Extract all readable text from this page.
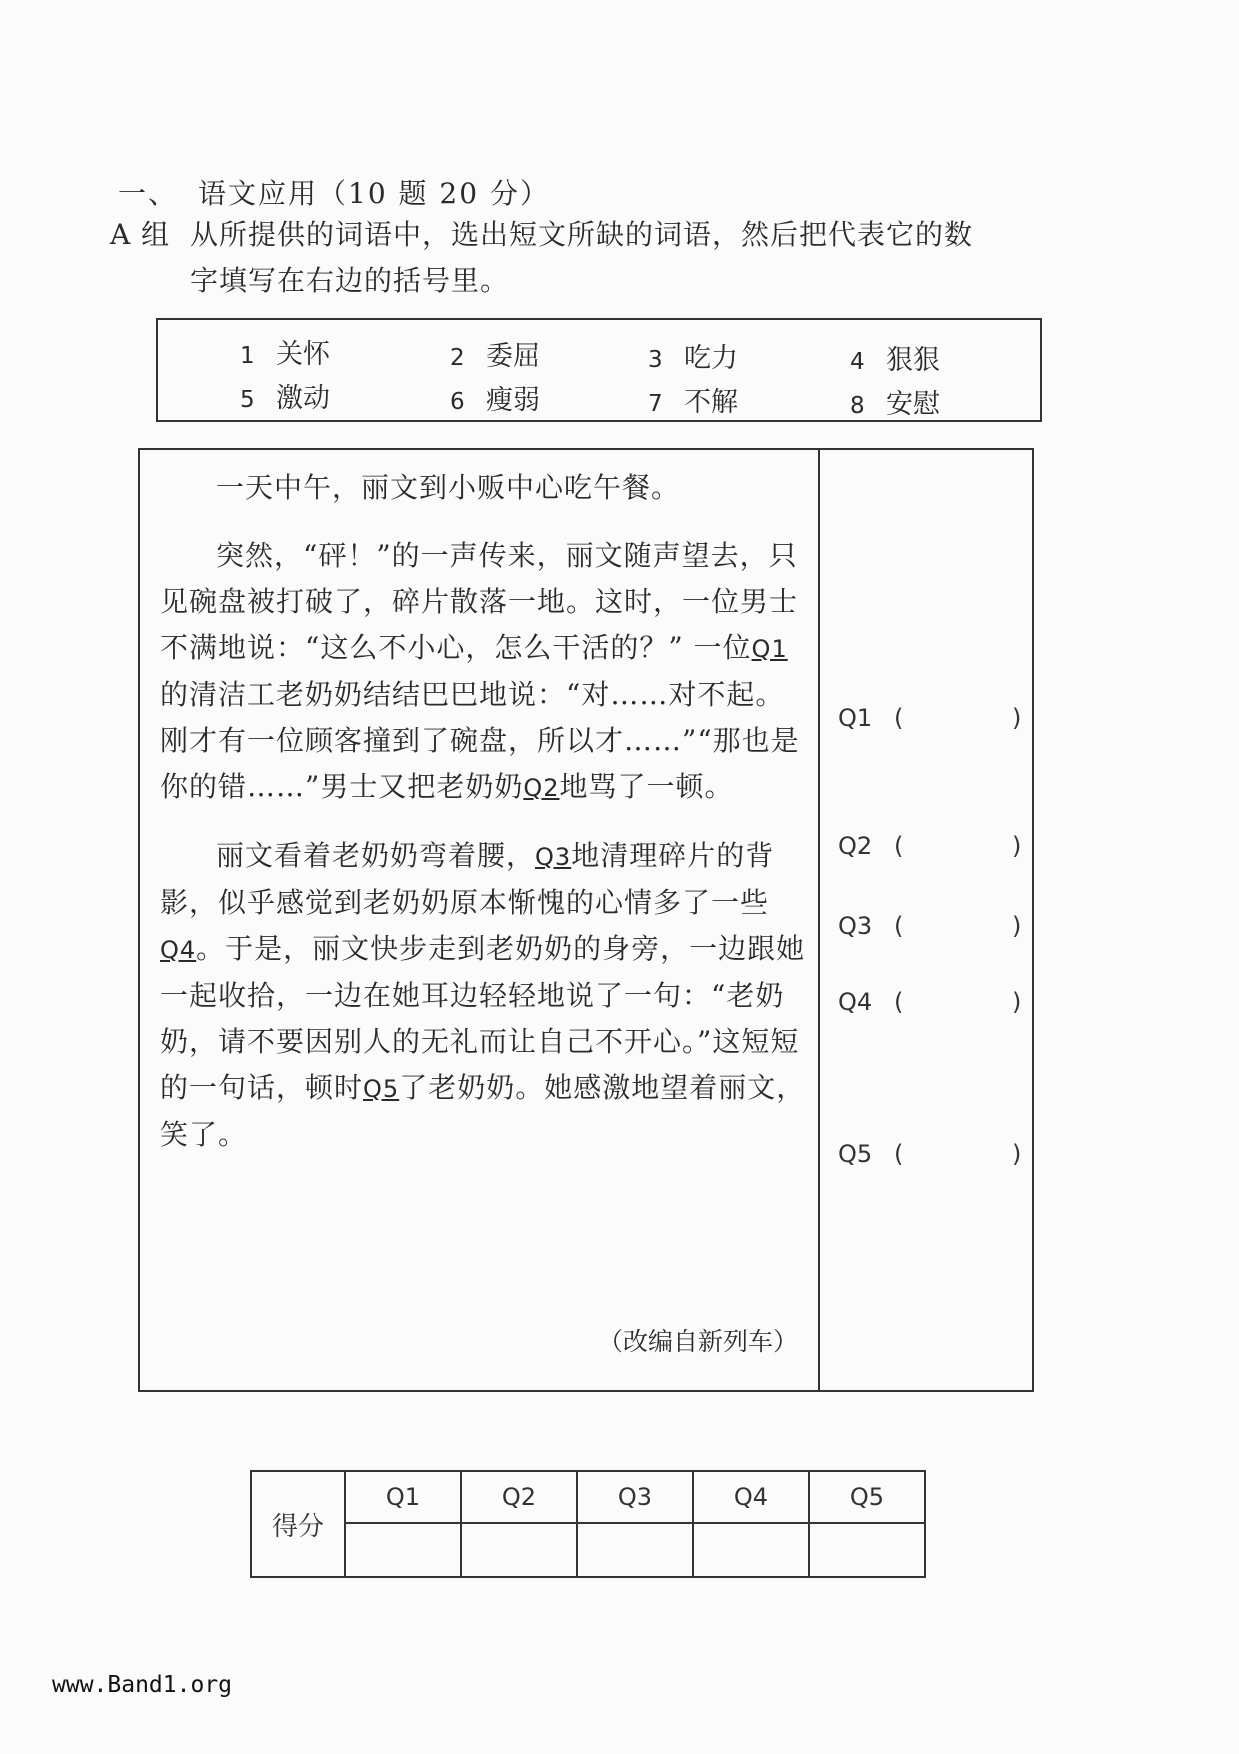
一、 语文应用（10 题 20 分）
A 组 从所提供的词语中，选出短文所缺的词语，然后把代表它的数
字填写在右边的括号里。
1 关怀	2 委屈	3 吃力	4 狠狠
5 激动	6 瘦弱	7 不解	8 安慰

一天中午，丽文到小贩中心吃午餐。

突然，“砰！”的一声传来，丽文随声望去，只见碗盘被打破了，碎片散落一地。这时，一位男士不满地说：“这么不小心，怎么干活的？” 一位Q1的清洁工老奶奶结结巴巴地说：“对……对不起。刚才有一位顾客撞到了碗盘，所以才……”“那也是你的错……”男士又把老奶奶Q2地骂了一顿。

丽文看着老奶奶弯着腰，Q3地清理碎片的背影，似乎感觉到老奶奶原本惭愧的心情多了一些Q4。于是，丽文快步走到老奶奶的身旁，一边跟她一起收拾，一边在她耳边轻轻地说了一句：“老奶奶，请不要因别人的无礼而让自己不开心。”这短短的一句话，顿时Q5了老奶奶。她感激地望着丽文，笑了。

（改编自新列车）
Q1 (	)
Q2 (	)
Q3 (	)
Q4 (	)
Q5 (	)
得分	Q1	Q2	Q3	Q4	Q5

www.Band1.org
